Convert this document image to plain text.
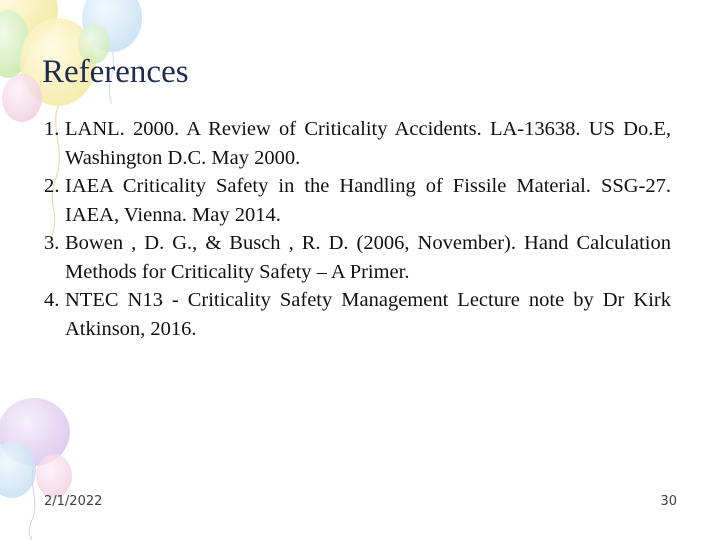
References
1. LANL. 2000. A Review of Criticality Accidents. LA-13638. US Do.E, Washington D.C. May 2000.
2. IAEA Criticality Safety in the Handling of Fissile Material. SSG-27. IAEA, Vienna. May 2014.
3. Bowen , D. G., & Busch , R. D. (2006, November). Hand Calculation Methods for Criticality Safety – A Primer.
4. NTEC N13 - Criticality Safety Management Lecture note by Dr Kirk Atkinson, 2016.
2/1/2022	30
